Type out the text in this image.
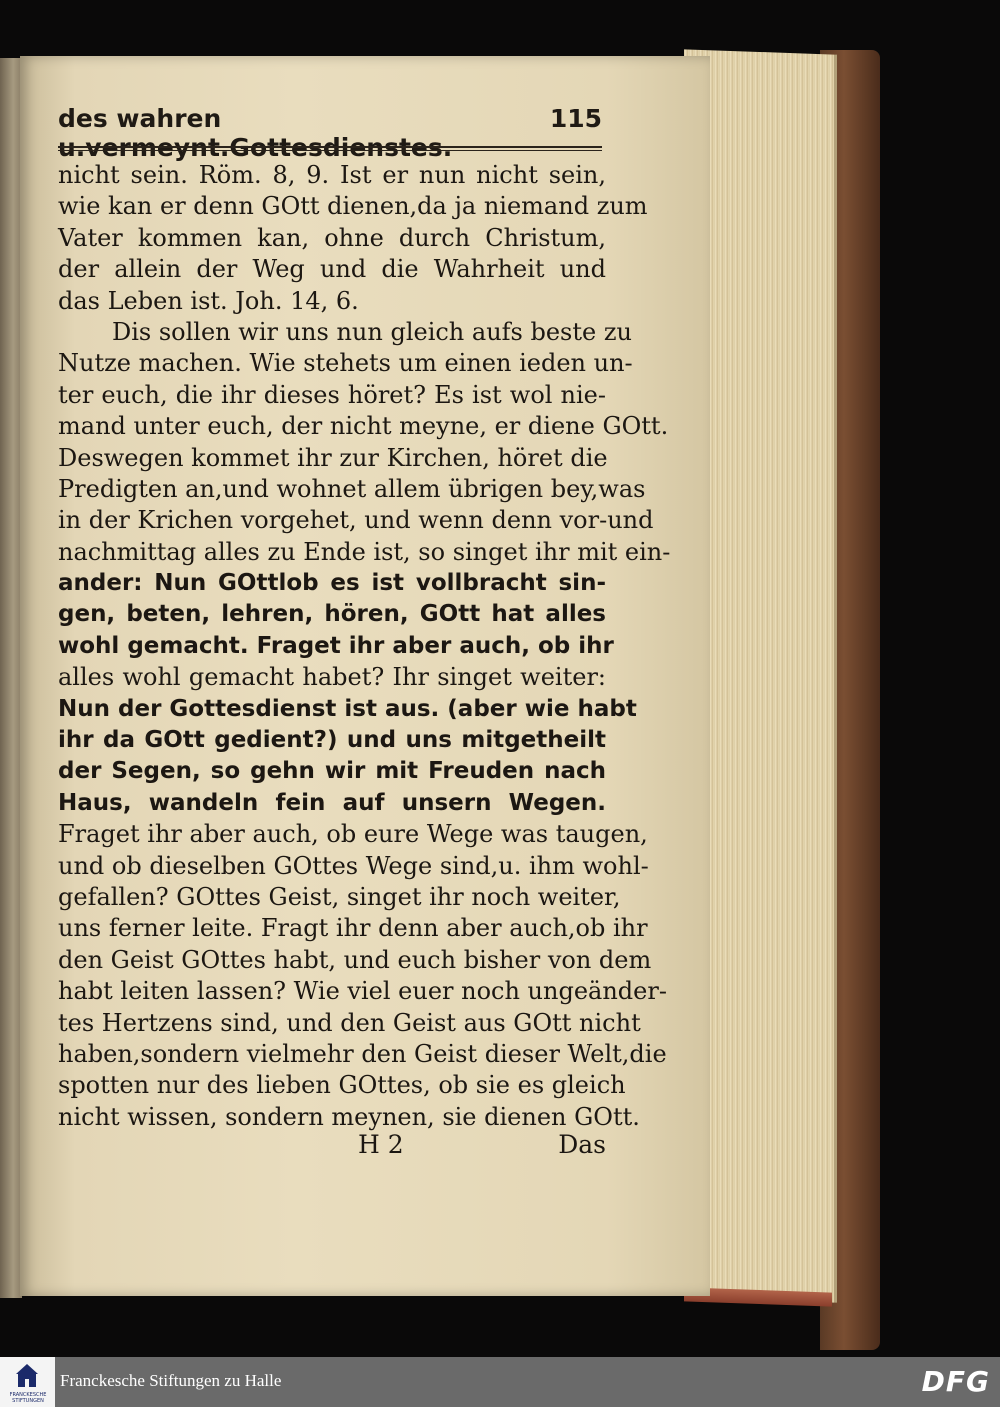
des wahren u.vermeynt.Gottesdienstes.
115
nicht sein. Röm. 8, 9. Ist er nun nicht sein,
wie kan er denn GOtt dienen,da ja niemand zum
Vater kommen kan, ohne durch Christum,
der allein der Weg und die Wahrheit und
das Leben ist. Joh. 14, 6.
Dis sollen wir uns nun gleich aufs beste zu
Nutze machen. Wie stehets um einen ieden un-
ter euch, die ihr dieses höret? Es ist wol nie-
mand unter euch, der nicht meyne, er diene GOtt.
Deswegen kommet ihr zur Kirchen, höret die
Predigten an,und wohnet allem übrigen bey,was
in der Krichen vorgehet, und wenn denn vor-und
nachmittag alles zu Ende ist, so singet ihr mit ein-
ander: Nun GOttlob es ist vollbracht sin-
gen, beten, lehren, hören, GOtt hat alles
wohl gemacht. Fraget ihr aber auch, ob ihr
alles wohl gemacht habet? Ihr singet weiter:
Nun der Gottesdienst ist aus. (aber wie habt
ihr da GOtt gedient?) und uns mitgetheilt
der Segen, so gehn wir mit Freuden nach
Haus, wandeln fein auf unsern Wegen.
Fraget ihr aber auch, ob eure Wege was taugen,
und ob dieselben GOttes Wege sind,u. ihm wohl-
gefallen? GOttes Geist, singet ihr noch weiter,
uns ferner leite. Fragt ihr denn aber auch,ob ihr
den Geist GOttes habt, und euch bisher von dem
habt leiten lassen? Wie viel euer noch ungeänder-
tes Hertzens sind, und den Geist aus GOtt nicht
haben,sondern vielmehr den Geist dieser Welt,die
spotten nur des lieben GOttes, ob sie es gleich
nicht wissen, sondern meynen, sie dienen GOtt.
H 2	Das
FRANCKESCHE STIFTUNGEN
Franckesche Stiftungen zu Halle	DFG
